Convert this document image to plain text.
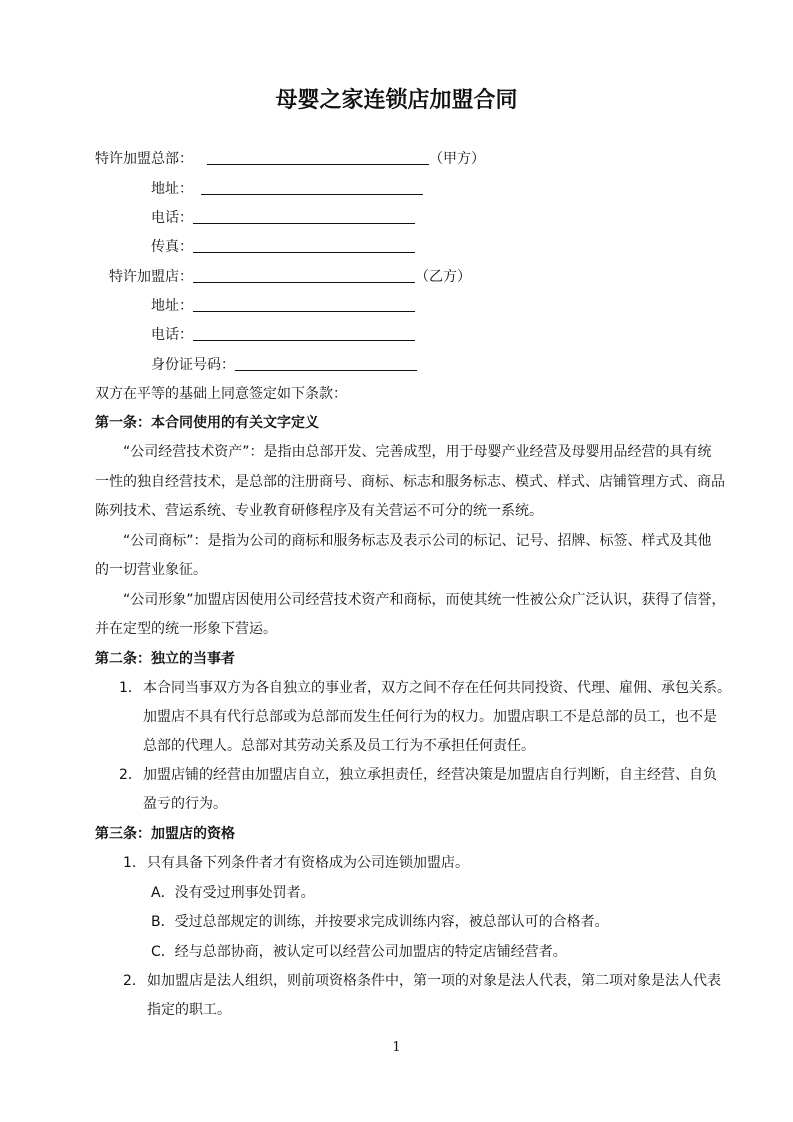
母婴之家连锁店加盟合同
特许加盟总部：	（甲方）
地址：
电话：
传真：
特许加盟店：	（乙方）
地址：
电话：
身份证号码：
双方在平等的基础上同意签定如下条款：
第一条：本合同使用的有关文字定义
“公司经营技术资产”：是指由总部开发、完善成型，用于母婴产业经营及母婴用品经营的具有统
一性的独自经营技术，是总部的注册商号、商标、标志和服务标志、模式、样式、店铺管理方式、商品
陈列技术、营运系统、专业教育研修程序及有关营运不可分的统一系统。
“公司商标”：是指为公司的商标和服务标志及表示公司的标记、记号、招牌、标签、样式及其他
的一切营业象征。
“公司形象”加盟店因使用公司经营技术资产和商标，而使其统一性被公众广泛认识，获得了信誉，
并在定型的统一形象下营运。
第二条：独立的当事者
1． 本合同当事双方为各自独立的事业者，双方之间不存在任何共同投资、代理、雇佣、承包关系。
加盟店不具有代行总部或为总部而发生任何行为的权力。加盟店职工不是总部的员工，也不是
总部的代理人。总部对其劳动关系及员工行为不承担任何责任。
2． 加盟店铺的经营由加盟店自立，独立承担责任，经营决策是加盟店自行判断，自主经营、自负
盈亏的行为。
第三条：加盟店的资格
1． 只有具备下列条件者才有资格成为公司连锁加盟店。
A．没有受过刑事处罚者。
B．受过总部规定的训练，并按要求完成训练内容，被总部认可的合格者。
C．经与总部协商，被认定可以经营公司加盟店的特定店铺经营者。
2． 如加盟店是法人组织，则前项资格条件中，第一项的对象是法人代表，第二项对象是法人代表
指定的职工。
1
